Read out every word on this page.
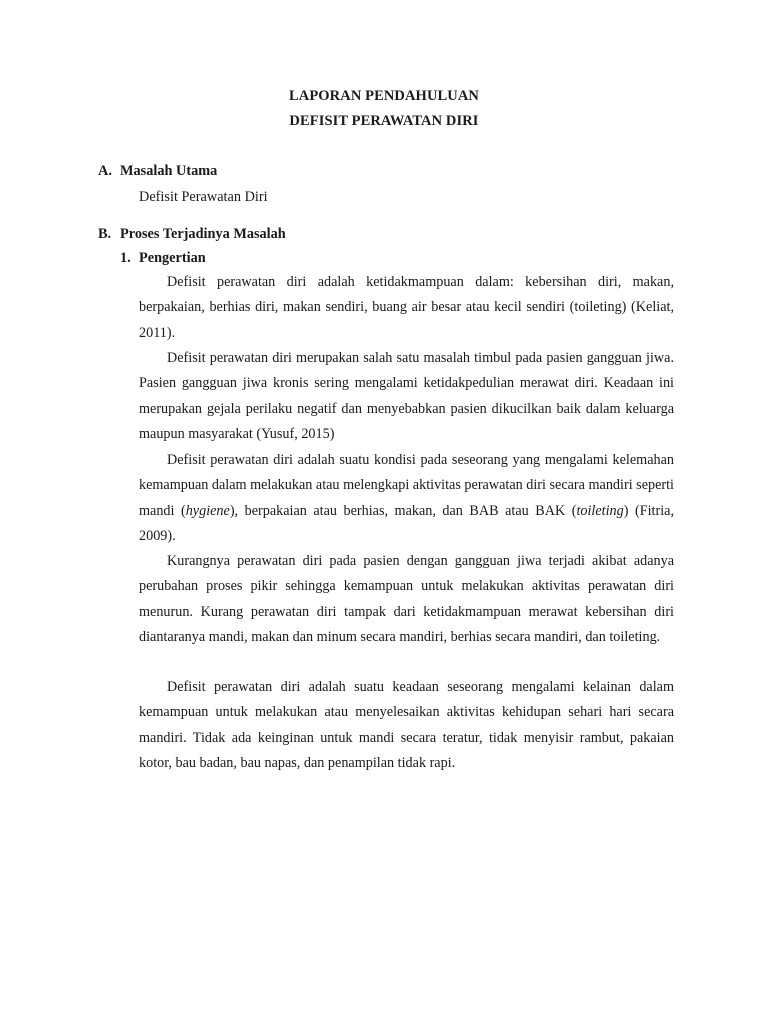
LAPORAN PENDAHULUAN
DEFISIT PERAWATAN DIRI
A. Masalah Utama
Defisit Perawatan Diri
B. Proses Terjadinya Masalah
1. Pengertian

Defisit perawatan diri adalah ketidakmampuan dalam: kebersihan diri, makan, berpakaian, berhias diri, makan sendiri, buang air besar atau kecil sendiri (toileting) (Keliat, 2011).

Defisit perawatan diri merupakan salah satu masalah timbul pada pasien gangguan jiwa. Pasien gangguan jiwa kronis sering mengalami ketidakpedulian merawat diri. Keadaan ini merupakan gejala perilaku negatif dan menyebabkan pasien dikucilkan baik dalam keluarga maupun masyarakat (Yusuf, 2015)

Defisit perawatan diri adalah suatu kondisi pada seseorang yang mengalami kelemahan kemampuan dalam melakukan atau melengkapi aktivitas perawatan diri secara mandiri seperti mandi (hygiene), berpakaian atau berhias, makan, dan BAB atau BAK (toileting) (Fitria, 2009).

Kurangnya perawatan diri pada pasien dengan gangguan jiwa terjadi akibat adanya perubahan proses pikir sehingga kemampuan untuk melakukan aktivitas perawatan diri menurun. Kurang perawatan diri tampak dari ketidakmampuan merawat kebersihan diri diantaranya mandi, makan dan minum secara mandiri, berhias secara mandiri, dan toileting.

Defisit perawatan diri adalah suatu keadaan seseorang mengalami kelainan dalam kemampuan untuk melakukan atau menyelesaikan aktivitas kehidupan sehari hari secara mandiri. Tidak ada keinginan untuk mandi secara teratur, tidak menyisir rambut, pakaian kotor, bau badan, bau napas, dan penampilan tidak rapi.
